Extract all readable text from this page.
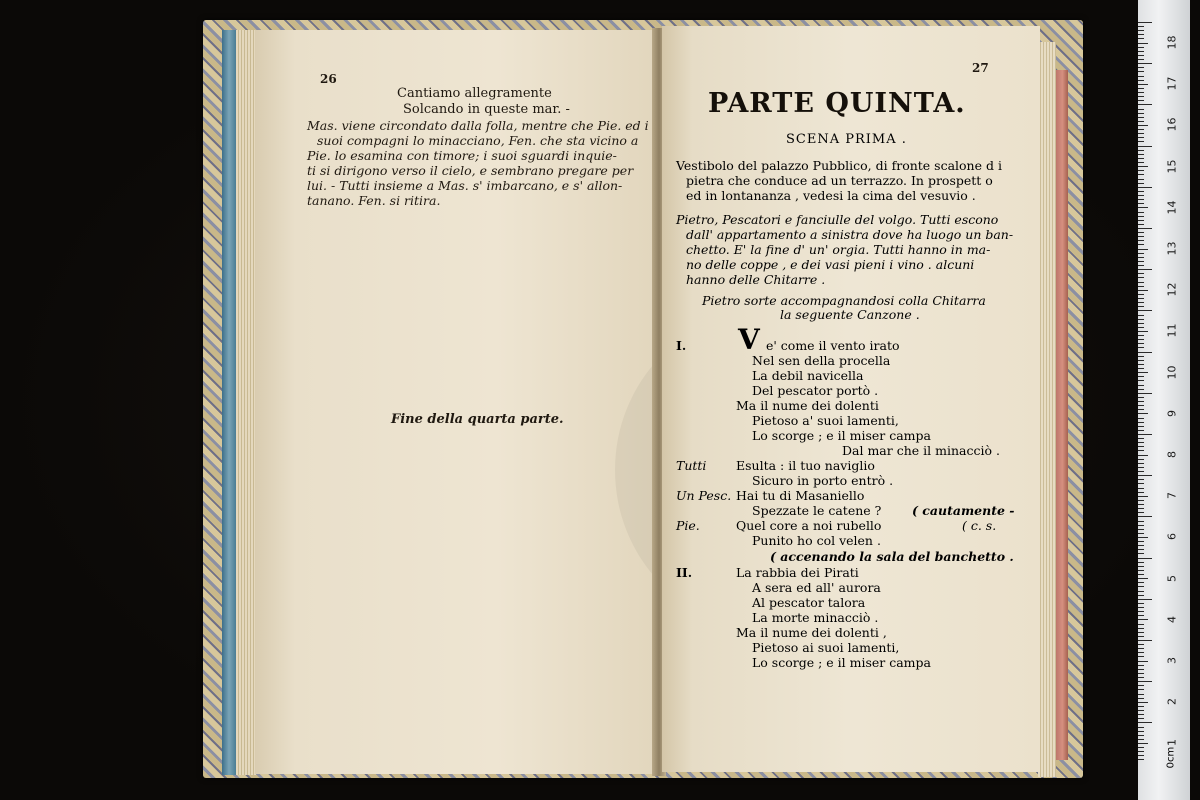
26
Cantiamo allegramente
Solcando in queste mar. -
Mas. viene circondato dalla folla, mentre che Pie. ed i
suoi compagni lo minacciano, Fen. che sta vicino a
Pie. lo esamina con timore; i suoi sguardi inquie-
ti si dirigono verso il cielo, e sembrano pregare per
lui. - Tutti insieme a Mas. s' imbarcano, e s' allon-
tanano. Fen. si ritira.
Fine della quarta parte.
27
PARTE QUINTA.
SCENA PRIMA .
Vestibolo del palazzo Pubblico, di fronte scalone d i
pietra che conduce ad un terrazzo. In prospett o
ed in lontananza , vedesi la cima del vesuvio .
Pietro, Pescatori e fanciulle del volgo. Tutti escono
dall' appartamento a sinistra dove ha luogo un ban-
chetto. E' la fine d' un' orgia. Tutti hanno in ma-
no delle coppe , e dei vasi pieni i vino . alcuni
hanno delle Chitarre .
Pietro sorte accompagnandosi colla Chitarra
la seguente Canzone .
V
I.
Tutti
Un Pesc.
Pie.
II.
e' come il vento irato
Nel sen della procella
La debil navicella
Del pescator portò .
Ma il nume dei dolenti
Pietoso a' suoi lamenti,
Lo scorge ; e il miser campa
Dal mar che il minacciò .
Esulta : il tuo naviglio
Sicuro in porto entrò .
Hai tu di Masaniello
Spezzate le catene ? ( cautamente -
Quel core a noi rubello	( c. s.
Punito ho col velen .
( accenando la sala del banchetto .
La rabbia dei Pirati
A sera ed all' aurora
Al pescator talora
La morte minacciò .
Ma il nume dei dolenti ,
Pietoso ai suoi lamenti,
Lo scorge ; e il miser campa
0cm
18
17
16
15
14
13
12
11
10
9
8
7
6
5
4
3
2
1
